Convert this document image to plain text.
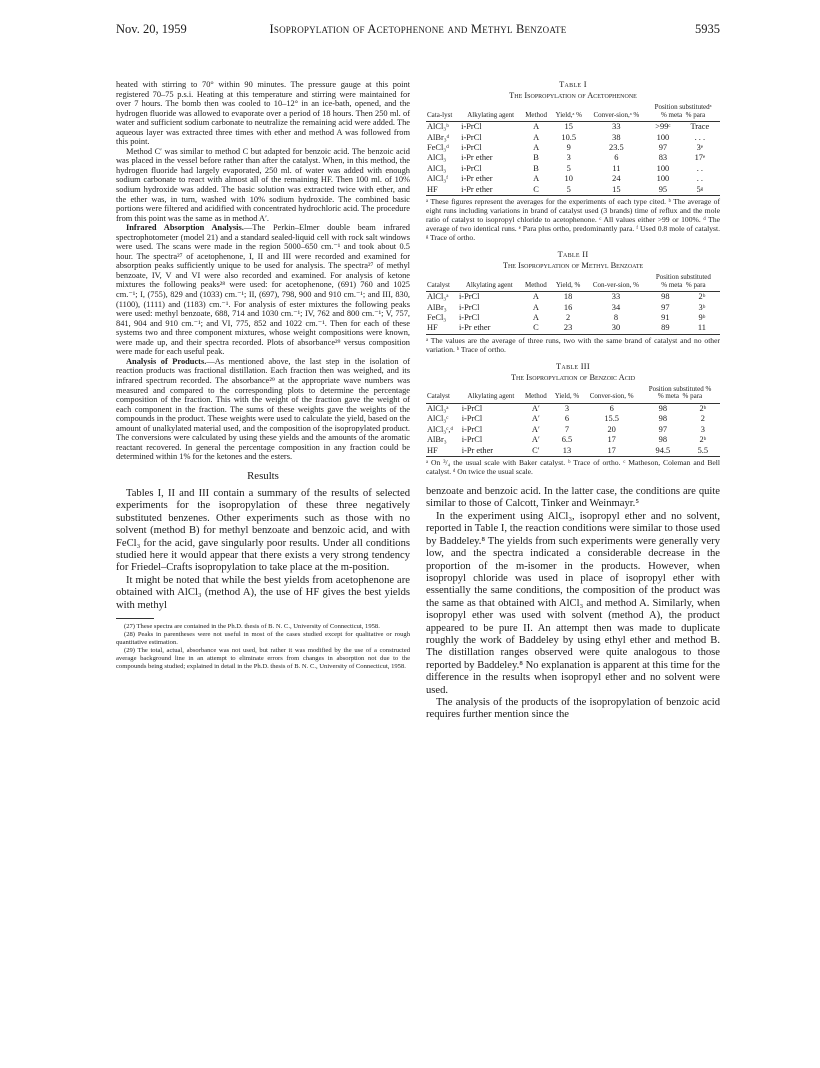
Nov. 20, 1959	Isopropylation of Acetophenone and Methyl Benzoate	5935

heated with stirring to 70° within 90 minutes. The pressure gauge at this point registered 70–75 p.s.i. Heating at this temperature and stirring were maintained for over 7 hours. The bomb then was cooled to 10–12° in an ice-bath, opened, and the hydrogen fluoride was allowed to evaporate over a period of 18 hours. Then 250 ml. of water and sufficient sodium carbonate to neutralize the remaining acid were added. The aqueous layer was extracted three times with ether and method A was followed from this point.

Method C′ was similar to method C but adapted for benzoic acid. The benzoic acid was placed in the vessel before rather than after the catalyst. When, in this method, the hydrogen fluoride had largely evaporated, 250 ml. of water was added with enough sodium carbonate to react with almost all of the remaining HF. Then 100 ml. of 10% sodium hydroxide was added. The basic solution was extracted twice with ether, and the ether was, in turn, washed with 10% sodium hydroxide. The combined basic portions were filtered and acidified with concentrated hydrochloric acid. The procedure from this point was the same as in method A′.

Infrared Absorption Analysis.—The Perkin–Elmer double beam infrared spectrophotometer (model 21) and a standard sealed-liquid cell with rock salt windows were used. The scans were made in the region 5000–650 cm.⁻¹ and took about 0.5 hour. The spectra²⁷ of acetophenone, I, II and III were recorded and examined for absorption peaks sufficiently unique to be used for analysis. The spectra²⁷ of methyl benzoate, IV, V and VI were also recorded and examined. For analysis of ketone mixtures the following peaks²⁸ were used: for acetophenone, (691) 760 and 1025 cm.⁻¹; I, (755), 829 and (1033) cm.⁻¹; II, (697), 798, 900 and 910 cm.⁻¹; and III, 830, (1100), (1111) and (1183) cm.⁻¹. For analysis of ester mixtures the following peaks were used: methyl benzoate, 688, 714 and 1030 cm.⁻¹; IV, 762 and 800 cm.⁻¹; V, 757, 841, 904 and 910 cm.⁻¹; and VI, 775, 852 and 1022 cm.⁻¹. Then for each of these systems two and three component mixtures, whose weight compositions were known, were made up, and their spectra recorded. Plots of absorbance²⁹ versus composition were made for each useful peak.

Analysis of Products.—As mentioned above, the last step in the isolation of reaction products was fractional distillation. Each fraction then was weighed, and its infrared spectrum recorded. The absorbance²⁹ at the appropriate wave numbers was measured and compared to the corresponding plots to determine the percentage composition of the fraction. This with the weight of the fraction gave the weight of each component in the fraction. The sums of these weights gave the weights of the compounds in the product. These weights were used to calculate the yield, based on the amount of unalkylated material used, and the composition of the isopropylated product. The conversions were calculated by using these yields and the amounts of the aromatic reactant recovered. In general the percentage composition in any fraction could be determined within 1% for the ketones and the esters.

Results

Tables I, II and III contain a summary of the results of selected experiments for the isopropylation of these three negatively substituted benzenes. Other experiments such as those with no solvent (method B) for methyl benzoate and benzoic acid, and with FeCl₃ for the acid, gave singularly poor results. Under all conditions studied here it would appear that there exists a very strong tendency for Friedel–Crafts isopropylation to take place at the m-position.

It might be noted that while the best yields from acetophenone are obtained with AlCl₃ (method A), the use of HF gives the best yields with methyl

(27) These spectra are contained in the Ph.D. thesis of B. N. C., University of Connecticut, 1958.

(28) Peaks in parentheses were not useful in most of the cases studied except for qualitative or rough quantitative estimation.

(29) The total, actual, absorbance was not used, but rather it was modified by the use of a constructed average background line in an attempt to eliminate errors from changes in absorption not due to the compounds being studied; explained in detail in the Ph.D. thesis of B. N. C., University of Connecticut, 1958.

Table I
The Isopropylation of Acetophenone
Cata-lyst	Alkylating agent	Method	Yield,ᵃ %	Conver-sion,ᵃ %	Position substitutedᵃ
% meta % para	
AlCl₃ᵇ	i-PrCl	A	15	33	>99ᶜ	Trace
AlBr₃ᵈ	i-PrCl	A	10.5	38	100	. . .
FeCl₃ᵈ	i-PrCl	A	9	23.5	97	3ᵉ
AlCl₃	i-Pr ether	B	3	6	83	17ᵉ
AlCl₃	i-PrCl	B	5	11	100	. .
AlCl₃ᶠ	i-Pr ether	A	10	24	100	. .
HF	i-Pr ether	C	5	15	95	5ᵍ

ᵃ These figures represent the averages for the experiments of each type cited. ᵇ The average of eight runs including variations in brand of catalyst used (3 brands) time of reflux and the mole ratio of catalyst to isopropyl chloride to acetophenone. ᶜ All values either >99 or 100%. ᵈ The average of two identical runs. ᵉ Para plus ortho, predominantly para. ᶠ Used 0.8 mole of catalyst. ᵍ Trace of ortho.

Table II
The Isopropylation of Methyl Benzoate
Catalyst	Alkylating agent	Method	Yield, %	Con-ver-sion, %	Position substituted
% meta % para	
AlCl₃ᵃ	i-PrCl	A	18	33	98	2ᵇ
AlBr₃	i-PrCl	A	16	34	97	3ᵇ
FeCl₃	i-PrCl	A	2	8	91	9ᵇ
HF	i-Pr ether	C	23	30	89	11

ᵃ The values are the average of three runs, two with the same brand of catalyst and no other variation. ᵇ Trace of ortho.

Table III
The Isopropylation of Benzoic Acid
Catalyst	Alkylating agent	Method	Yield, %	Conver-sion, %	Position substituted %
% meta % para	
AlCl₃ᵃ	i-PrCl	A′	3	6	98	2ᵇ
AlCl₃ᶜ	i-PrCl	A′	6	15.5	98	2
AlCl₃ᶜ,ᵈ	i-PrCl	A′	7	20	97	3
AlBr₃	i-PrCl	A′	6.5	17	98	2ᵇ
HF	i-Pr ether	C′	13	17	94.5	5.5

ᵃ On ³/₄ the usual scale with Baker catalyst. ᵇ Trace of ortho. ᶜ Matheson, Coleman and Bell catalyst. ᵈ On twice the usual scale.

benzoate and benzoic acid. In the latter case, the conditions are quite similar to those of Calcott, Tinker and Weinmayr.⁵

In the experiment using AlCl₃, isopropyl ether and no solvent, reported in Table I, the reaction conditions were similar to those used by Baddeley.⁸ The yields from such experiments were generally very low, and the spectra indicated a considerable decrease in the proportion of the m-isomer in the products. However, when isopropyl chloride was used in place of isopropyl ether with essentially the same conditions, the composition of the product was the same as that obtained with AlCl₃ and method A. Similarly, when isopropyl ether was used with solvent (method A), the product appeared to be pure II. An attempt then was made to duplicate roughly the work of Baddeley by using ethyl ether and method B. The distillation ranges observed were quite analogous to those reported by Baddeley.⁸ No explanation is apparent at this time for the difference in the results when isopropyl ether and no solvent were used.

The analysis of the products of the isopropylation of benzoic acid requires further mention since the
